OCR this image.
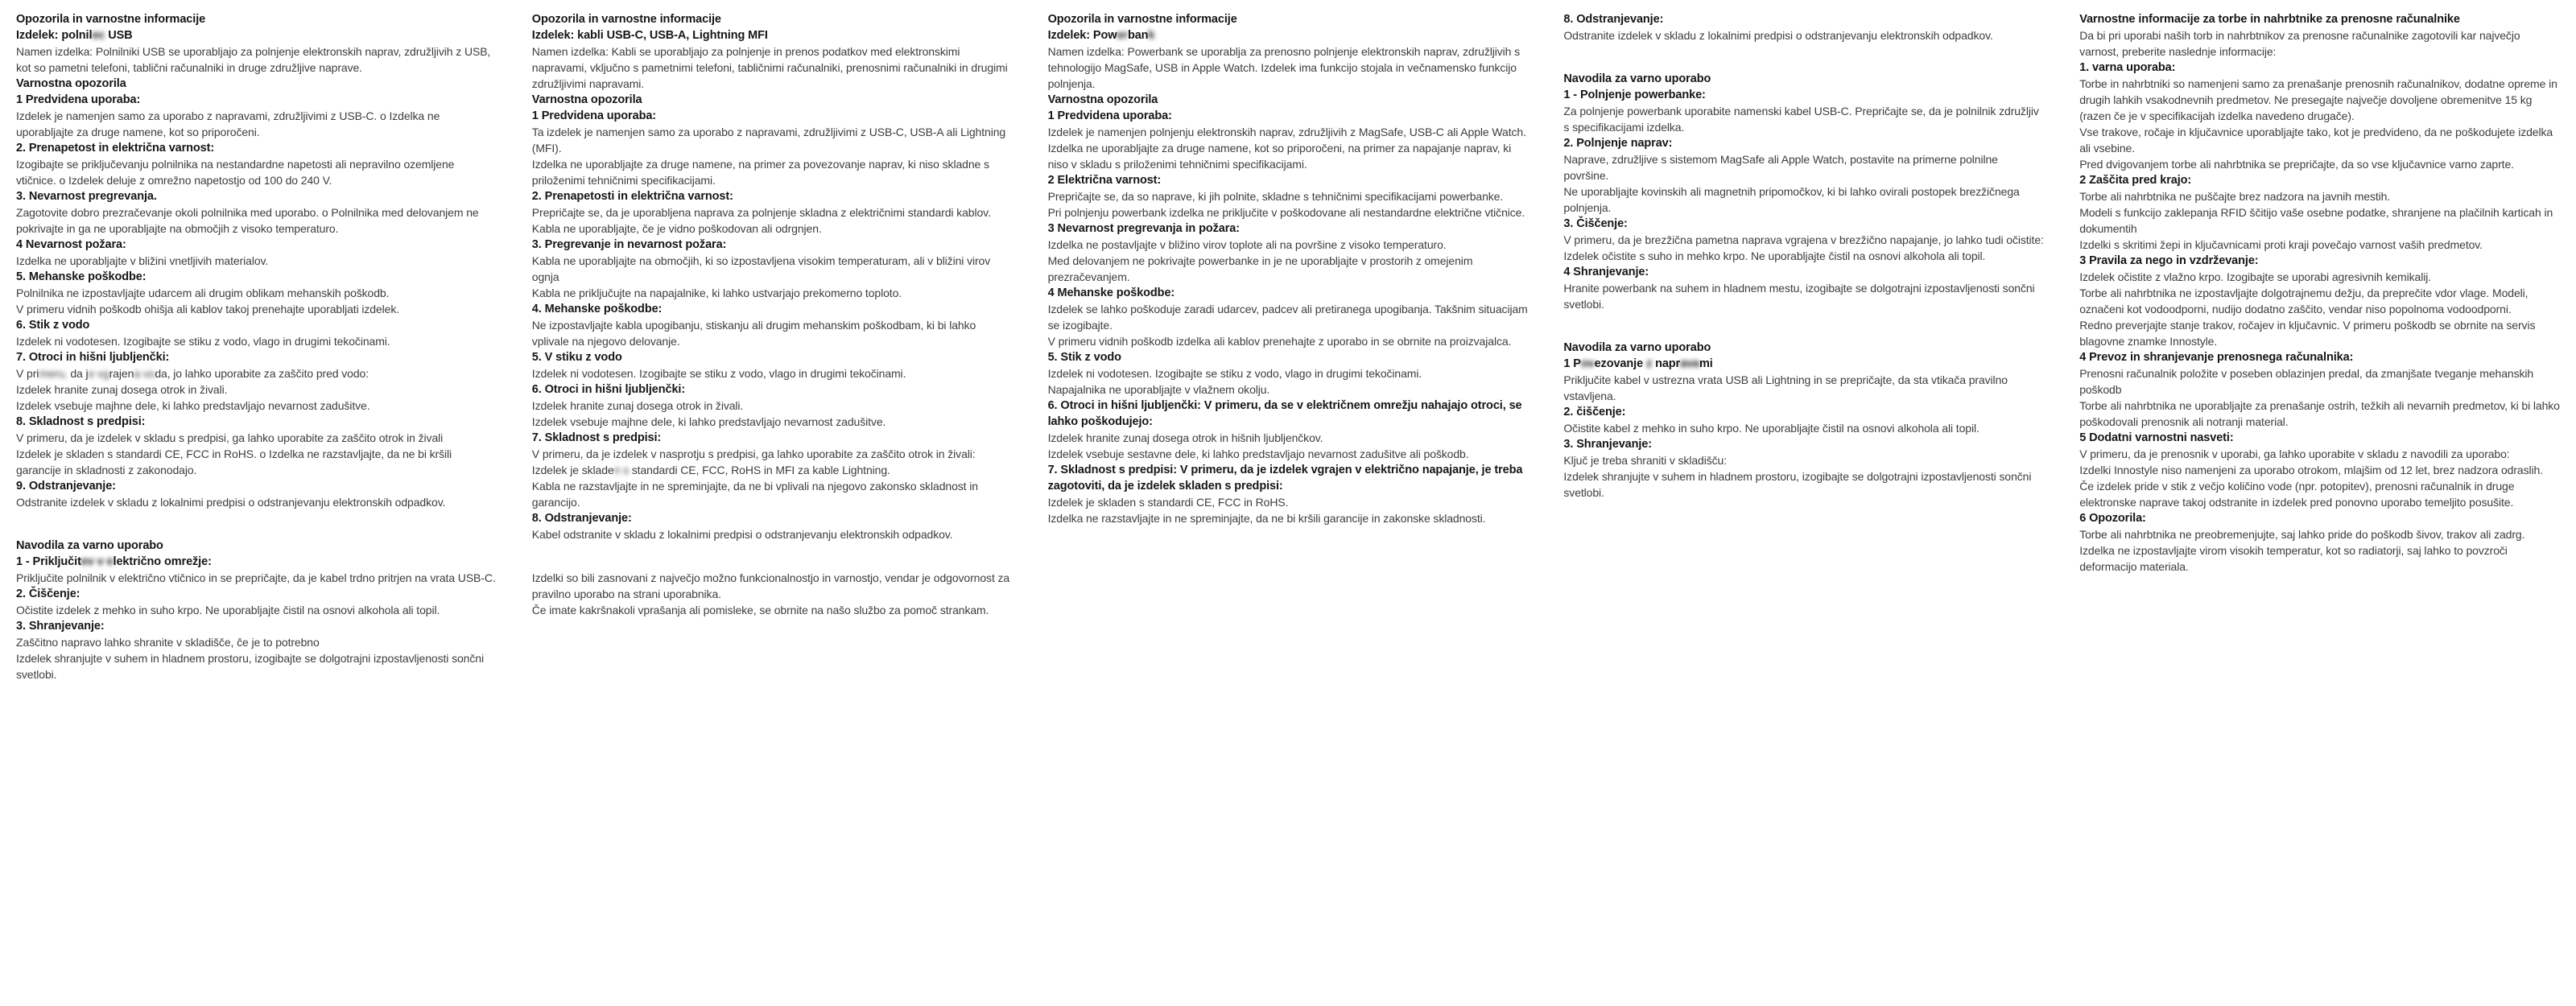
Opozorila in varnostne informacije
Izdelek: polnilec USB

Namen izdelka: Polnilniki USB se uporabljajo za polnjenje elektronskih naprav, združljivih z USB, kot so pametni telefoni, tablični računalniki in druge združljive naprave.

Varnostna opozorila
1 Predvidena uporaba:

Izdelek je namenjen samo za uporabo z napravami, združljivimi z USB-C. o Izdelka ne uporabljajte za druge namene, kot so priporočeni.

2. Prenapetost in električna varnost:

Izogibajte se priključevanju polnilnika na nestandardne napetosti ali nepravilno ozemljene vtičnice. o Izdelek deluje z omrežno napetostjo od 100 do 240 V.

3. Nevarnost pregrevanja.

Zagotovite dobro prezračevanje okoli polnilnika med uporabo. o Polnilnika med delovanjem ne pokrivajte in ga ne uporabljajte na območjih z visoko temperaturo.

4 Nevarnost požara:

Izdelka ne uporabljajte v bližini vnetljivih materialov.

5. Mehanske poškodbe:

Polnilnika ne izpostavljajte udarcem ali drugim oblikam mehanskih poškodb.

V primeru vidnih poškodb ohišja ali kablov takoj prenehajte uporabljati izdelek.

6. Stik z vodo

Izdelek ni vodotesen. Izogibajte se stiku z vodo, vlago in drugimi tekočinami.

7. Otroci in hišni ljubljenčki:

V primeru, da je vgrajena voda, jo lahko uporabite za zaščito pred vodo:

Izdelek hranite zunaj dosega otrok in živali.

Izdelek vsebuje majhne dele, ki lahko predstavljajo nevarnost zadušitve.

8. Skladnost s predpisi:

V primeru, da je izdelek v skladu s predpisi, ga lahko uporabite za zaščito otrok in živali

Izdelek je skladen s standardi CE, FCC in RoHS. o Izdelka ne razstavljajte, da ne bi kršili garancije in skladnosti z zakonodajo.

9. Odstranjevanje:

Odstranite izdelek v skladu z lokalnimi predpisi o odstranjevanju elektronskih odpadkov.

Navodila za varno uporabo
1 - Priključitev v električno omrežje:

Priključite polnilnik v električno vtičnico in se prepričajte, da je kabel trdno pritrjen na vrata USB-C.

2. Čiščenje:

Očistite izdelek z mehko in suho krpo. Ne uporabljajte čistil na osnovi alkohola ali topil.

3. Shranjevanje:

Zaščitno napravo lahko shranite v skladišče, če je to potrebno

Izdelek shranjujte v suhem in hladnem prostoru, izogibajte se dolgotrajni izpostavljenosti sončni svetlobi.

Opozorila in varnostne informacije
Izdelek: kabli USB-C, USB-A, Lightning MFI

Namen izdelka: Kabli se uporabljajo za polnjenje in prenos podatkov med elektronskimi napravami, vključno s pametnimi telefoni, tabličnimi računalniki, prenosnimi računalniki in drugimi združljivimi napravami.

Varnostna opozorila
1 Predvidena uporaba:

Ta izdelek je namenjen samo za uporabo z napravami, združljivimi z USB-C, USB-A ali Lightning (MFI).

Izdelka ne uporabljajte za druge namene, na primer za povezovanje naprav, ki niso skladne s priloženimi tehničnimi specifikacijami.

2. Prenapetosti in električna varnost:

Prepričajte se, da je uporabljena naprava za polnjenje skladna z električnimi standardi kablov.

Kabla ne uporabljajte, če je vidno poškodovan ali odrgnjen.

3. Pregrevanje in nevarnost požara:

Kabla ne uporabljajte na območjih, ki so izpostavljena visokim temperaturam, ali v bližini virov ognja

Kabla ne priključujte na napajalnike, ki lahko ustvarjajo prekomerno toploto.

4. Mehanske poškodbe:

Ne izpostavljajte kabla upogibanju, stiskanju ali drugim mehanskim poškodbam, ki bi lahko vplivale na njegovo delovanje.

5. V stiku z vodo

Izdelek ni vodotesen. Izogibajte se stiku z vodo, vlago in drugimi tekočinami.

6. Otroci in hišni ljubljenčki:

Izdelek hranite zunaj dosega otrok in živali.

Izdelek vsebuje majhne dele, ki lahko predstavljajo nevarnost zadušitve.

7. Skladnost s predpisi:

V primeru, da je izdelek v nasprotju s predpisi, ga lahko uporabite za zaščito otrok in živali:

Izdelek je skladen s standardi CE, FCC, RoHS in MFI za kable Lightning.

Kabla ne razstavljajte in ne spreminjajte, da ne bi vplivali na njegovo zakonsko skladnost in garancijo.

8. Odstranjevanje:

Kabel odstranite v skladu z lokalnimi predpisi o odstranjevanju elektronskih odpadkov.

Izdelki so bili zasnovani z največjo možno funkcionalnostjo in varnostjo, vendar je odgovornost za pravilno uporabo na strani uporabnika.

Če imate kakršnakoli vprašanja ali pomisleke, se obrnite na našo službo za pomoč strankam.

Opozorila in varnostne informacije
Izdelek: Powerbank

Namen izdelka: Powerbank se uporablja za prenosno polnjenje elektronskih naprav, združljivih s tehnologijo MagSafe, USB in Apple Watch. Izdelek ima funkcijo stojala in večnamensko funkcijo polnjenja.

Varnostna opozorila
1 Predvidena uporaba:

Izdelek je namenjen polnjenju elektronskih naprav, združljivih z MagSafe, USB-C ali Apple Watch.

Izdelka ne uporabljajte za druge namene, kot so priporočeni, na primer za napajanje naprav, ki niso v skladu s priloženimi tehničnimi specifikacijami.

2 Električna varnost:

Prepričajte se, da so naprave, ki jih polnite, skladne s tehničnimi specifikacijami powerbanke.

Pri polnjenju powerbank izdelka ne priključite v poškodovane ali nestandardne električne vtičnice.

3 Nevarnost pregrevanja in požara:

Izdelka ne postavljajte v bližino virov toplote ali na površine z visoko temperaturo.

Med delovanjem ne pokrivajte powerbanke in je ne uporabljajte v prostorih z omejenim prezračevanjem.

4 Mehanske poškodbe:

Izdelek se lahko poškoduje zaradi udarcev, padcev ali pretiranega upogibanja. Takšnim situacijam se izogibajte.

V primeru vidnih poškodb izdelka ali kablov prenehajte z uporabo in se obrnite na proizvajalca.

5. Stik z vodo

Izdelek ni vodotesen. Izogibajte se stiku z vodo, vlago in drugimi tekočinami.

Napajalnika ne uporabljajte v vlažnem okolju.

6. Otroci in hišni ljubljenčki: V primeru, da se v električnem omrežju nahajajo otroci, se lahko poškodujejo:

Izdelek hranite zunaj dosega otrok in hišnih ljubljenčkov.

Izdelek vsebuje sestavne dele, ki lahko predstavljajo nevarnost zadušitve ali poškodb.

7. Skladnost s predpisi: V primeru, da je izdelek vgrajen v električno napajanje, je treba zagotoviti, da je izdelek skladen s predpisi:

Izdelek je skladen s standardi CE, FCC in RoHS.

Izdelka ne razstavljajte in ne spreminjajte, da ne bi kršili garancije in zakonske skladnosti.

8. Odstranjevanje:

Odstranite izdelek v skladu z lokalnimi predpisi o odstranjevanju elektronskih odpadkov.

Navodila za varno uporabo
1 - Polnjenje powerbanke:

Za polnjenje powerbank uporabite namenski kabel USB-C. Prepričajte se, da je polnilnik združljiv s specifikacijami izdelka.

2. Polnjenje naprav:

Naprave, združljive s sistemom MagSafe ali Apple Watch, postavite na primerne polnilne površine.

Ne uporabljajte kovinskih ali magnetnih pripomočkov, ki bi lahko ovirali postopek brezžičnega polnjenja.

3. Čiščenje:

V primeru, da je brezžična pametna naprava vgrajena v brezžično napajanje, jo lahko tudi očistite:

Izdelek očistite s suho in mehko krpo. Ne uporabljajte čistil na osnovi alkohola ali topil.

4 Shranjevanje:

Hranite powerbank na suhem in hladnem mestu, izogibajte se dolgotrajni izpostavljenosti sončni svetlobi.

Navodila za varno uporabo
1 Povezovanje z napravami

Priključite kabel v ustrezna vrata USB ali Lightning in se prepričajte, da sta vtikača pravilno vstavljena.

2. čiščenje:

Očistite kabel z mehko in suho krpo. Ne uporabljajte čistil na osnovi alkohola ali topil.

3. Shranjevanje:

Ključ je treba shraniti v skladišču:

Izdelek shranjujte v suhem in hladnem prostoru, izogibajte se dolgotrajni izpostavljenosti sončni svetlobi.

Varnostne informacije za torbe in nahrbtnike za prenosne računalnike

Da bi pri uporabi naših torb in nahrbtnikov za prenosne računalnike zagotovili kar največjo varnost, preberite naslednje informacije:

1. varna uporaba:

Torbe in nahrbtniki so namenjeni samo za prenašanje prenosnih računalnikov, dodatne opreme in drugih lahkih vsakodnevnih predmetov. Ne presegajte največje dovoljene obremenitve 15 kg (razen če je v specifikacijah izdelka navedeno drugače).

Vse trakove, ročaje in ključavnice uporabljajte tako, kot je predvideno, da ne poškodujete izdelka ali vsebine.

Pred dvigovanjem torbe ali nahrbtnika se prepričajte, da so vse ključavnice varno zaprte.

2 Zaščita pred krajo:

Torbe ali nahrbtnika ne puščajte brez nadzora na javnih mestih.

Modeli s funkcijo zaklepanja RFID ščitijo vaše osebne podatke, shranjene na plačilnih karticah in dokumentih

Izdelki s skritimi žepi in ključavnicami proti kraji povečajo varnost vaših predmetov.

3 Pravila za nego in vzdrževanje:

Izdelek očistite z vlažno krpo. Izogibajte se uporabi agresivnih kemikalij.

Torbe ali nahrbtnika ne izpostavljajte dolgotrajnemu dežju, da preprečite vdor vlage. Modeli, označeni kot vodoodporni, nudijo dodatno zaščito, vendar niso popolnoma vodoodporni.

Redno preverjajte stanje trakov, ročajev in ključavnic. V primeru poškodb se obrnite na servis blagovne znamke Innostyle.

4 Prevoz in shranjevanje prenosnega računalnika:

Prenosni računalnik položite v poseben oblazinjen predal, da zmanjšate tveganje mehanskih poškodb

Torbe ali nahrbtnika ne uporabljajte za prenašanje ostrih, težkih ali nevarnih predmetov, ki bi lahko poškodovali prenosnik ali notranji material.

5 Dodatni varnostni nasveti:

V primeru, da je prenosnik v uporabi, ga lahko uporabite v skladu z navodili za uporabo:

Izdelki Innostyle niso namenjeni za uporabo otrokom, mlajšim od 12 let, brez nadzora odraslih.

Če izdelek pride v stik z večjo količino vode (npr. potopitev), prenosni računalnik in druge elektronske naprave takoj odstranite in izdelek pred ponovno uporabo temeljito posušite.

6 Opozorila:

Torbe ali nahrbtnika ne preobremenjujte, saj lahko pride do poškodb šivov, trakov ali zadrg.

Izdelka ne izpostavljajte virom visokih temperatur, kot so radiatorji, saj lahko to povzroči deformacijo materiala.
